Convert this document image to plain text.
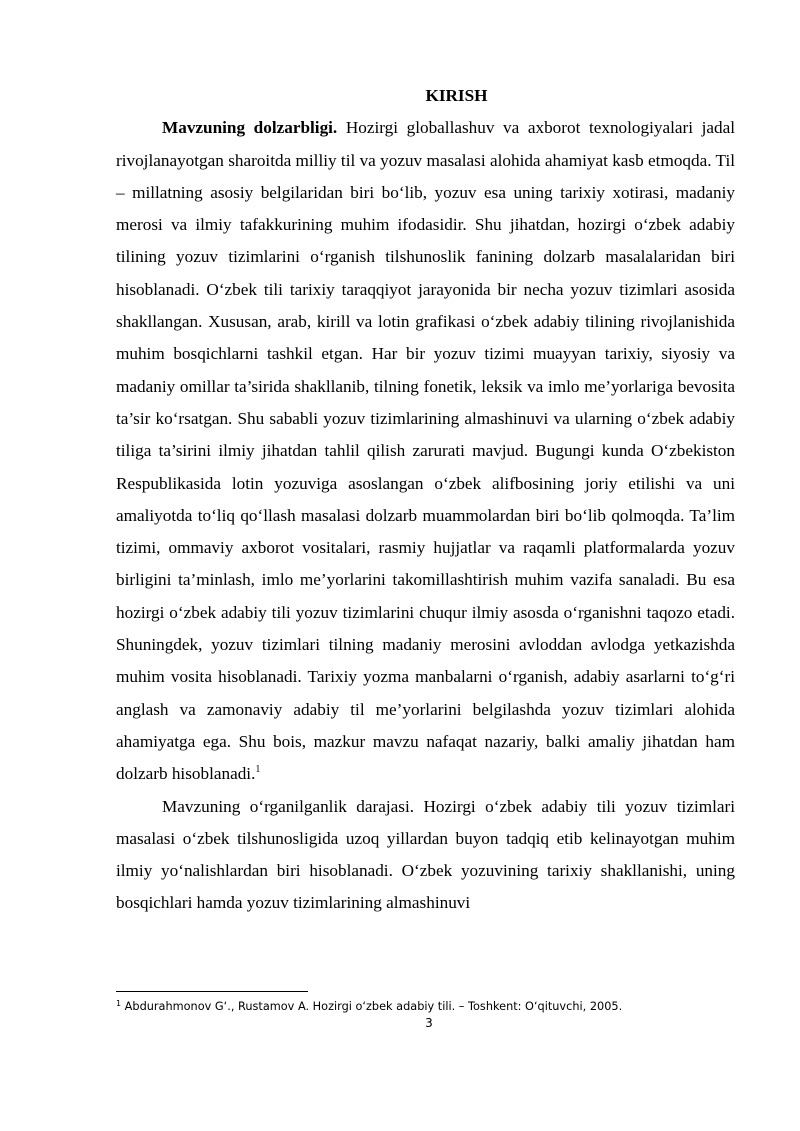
KIRISH

Mavzuning dolzarbligi. Hozirgi globallashuv va axborot texnologiyalari jadal rivojlanayotgan sharoitda milliy til va yozuv masalasi alohida ahamiyat kasb etmoqda. Til – millatning asosiy belgilaridan biri bo‘lib, yozuv esa uning tarixiy xotirasi, madaniy merosi va ilmiy tafakkurining muhim ifodasidir. Shu jihatdan, hozirgi o‘zbek adabiy tilining yozuv tizimlarini o‘rganish tilshunoslik fanining dolzarb masalalaridan biri hisoblanadi. O‘zbek tili tarixiy taraqqiyot jarayonida bir necha yozuv tizimlari asosida shakllangan. Xususan, arab, kirill va lotin grafikasi o‘zbek adabiy tilining rivojlanishida muhim bosqichlarni tashkil etgan. Har bir yozuv tizimi muayyan tarixiy, siyosiy va madaniy omillar ta’sirida shakllanib, tilning fonetik, leksik va imlo me’yorlariga bevosita ta’sir ko‘rsatgan. Shu sababli yozuv tizimlarining almashinuvi va ularning o‘zbek adabiy tiliga ta’sirini ilmiy jihatdan tahlil qilish zarurati mavjud. Bugungi kunda O‘zbekiston Respublikasida lotin yozuviga asoslangan o‘zbek alifbosining joriy etilishi va uni amaliyotda to‘liq qo‘llash masalasi dolzarb muammolardan biri bo‘lib qolmoqda. Ta’lim tizimi, ommaviy axborot vositalari, rasmiy hujjatlar va raqamli platformalarda yozuv birligini ta’minlash, imlo me’yorlarini takomillashtirish muhim vazifa sanaladi. Bu esa hozirgi o‘zbek adabiy tili yozuv tizimlarini chuqur ilmiy asosda o‘rganishni taqozo etadi. Shuningdek, yozuv tizimlari tilning madaniy merosini avloddan avlodga yetkazishda muhim vosita hisoblanadi. Tarixiy yozma manbalarni o‘rganish, adabiy asarlarni to‘g‘ri anglash va zamonaviy adabiy til me’yorlarini belgilashda yozuv tizimlari alohida ahamiyatga ega. Shu bois, mazkur mavzu nafaqat nazariy, balki amaliy jihatdan ham dolzarb hisoblanadi.$^1$

Mavzuning o‘rganilganlik darajasi. Hozirgi o‘zbek adabiy tili yozuv tizimlari masalasi o‘zbek tilshunosligida uzoq yillardan buyon tadqiq etib kelinayotgan muhim ilmiy yo‘nalishlardan biri hisoblanadi. O‘zbek yozuvining tarixiy shakllanishi, uning bosqichlari hamda yozuv tizimlarining almashinuvi

$^1$ Abdurahmonov G‘., Rustamov A. Hozirgi o‘zbek adabiy tili. – Toshkent: O‘qituvchi, 2005.
3
